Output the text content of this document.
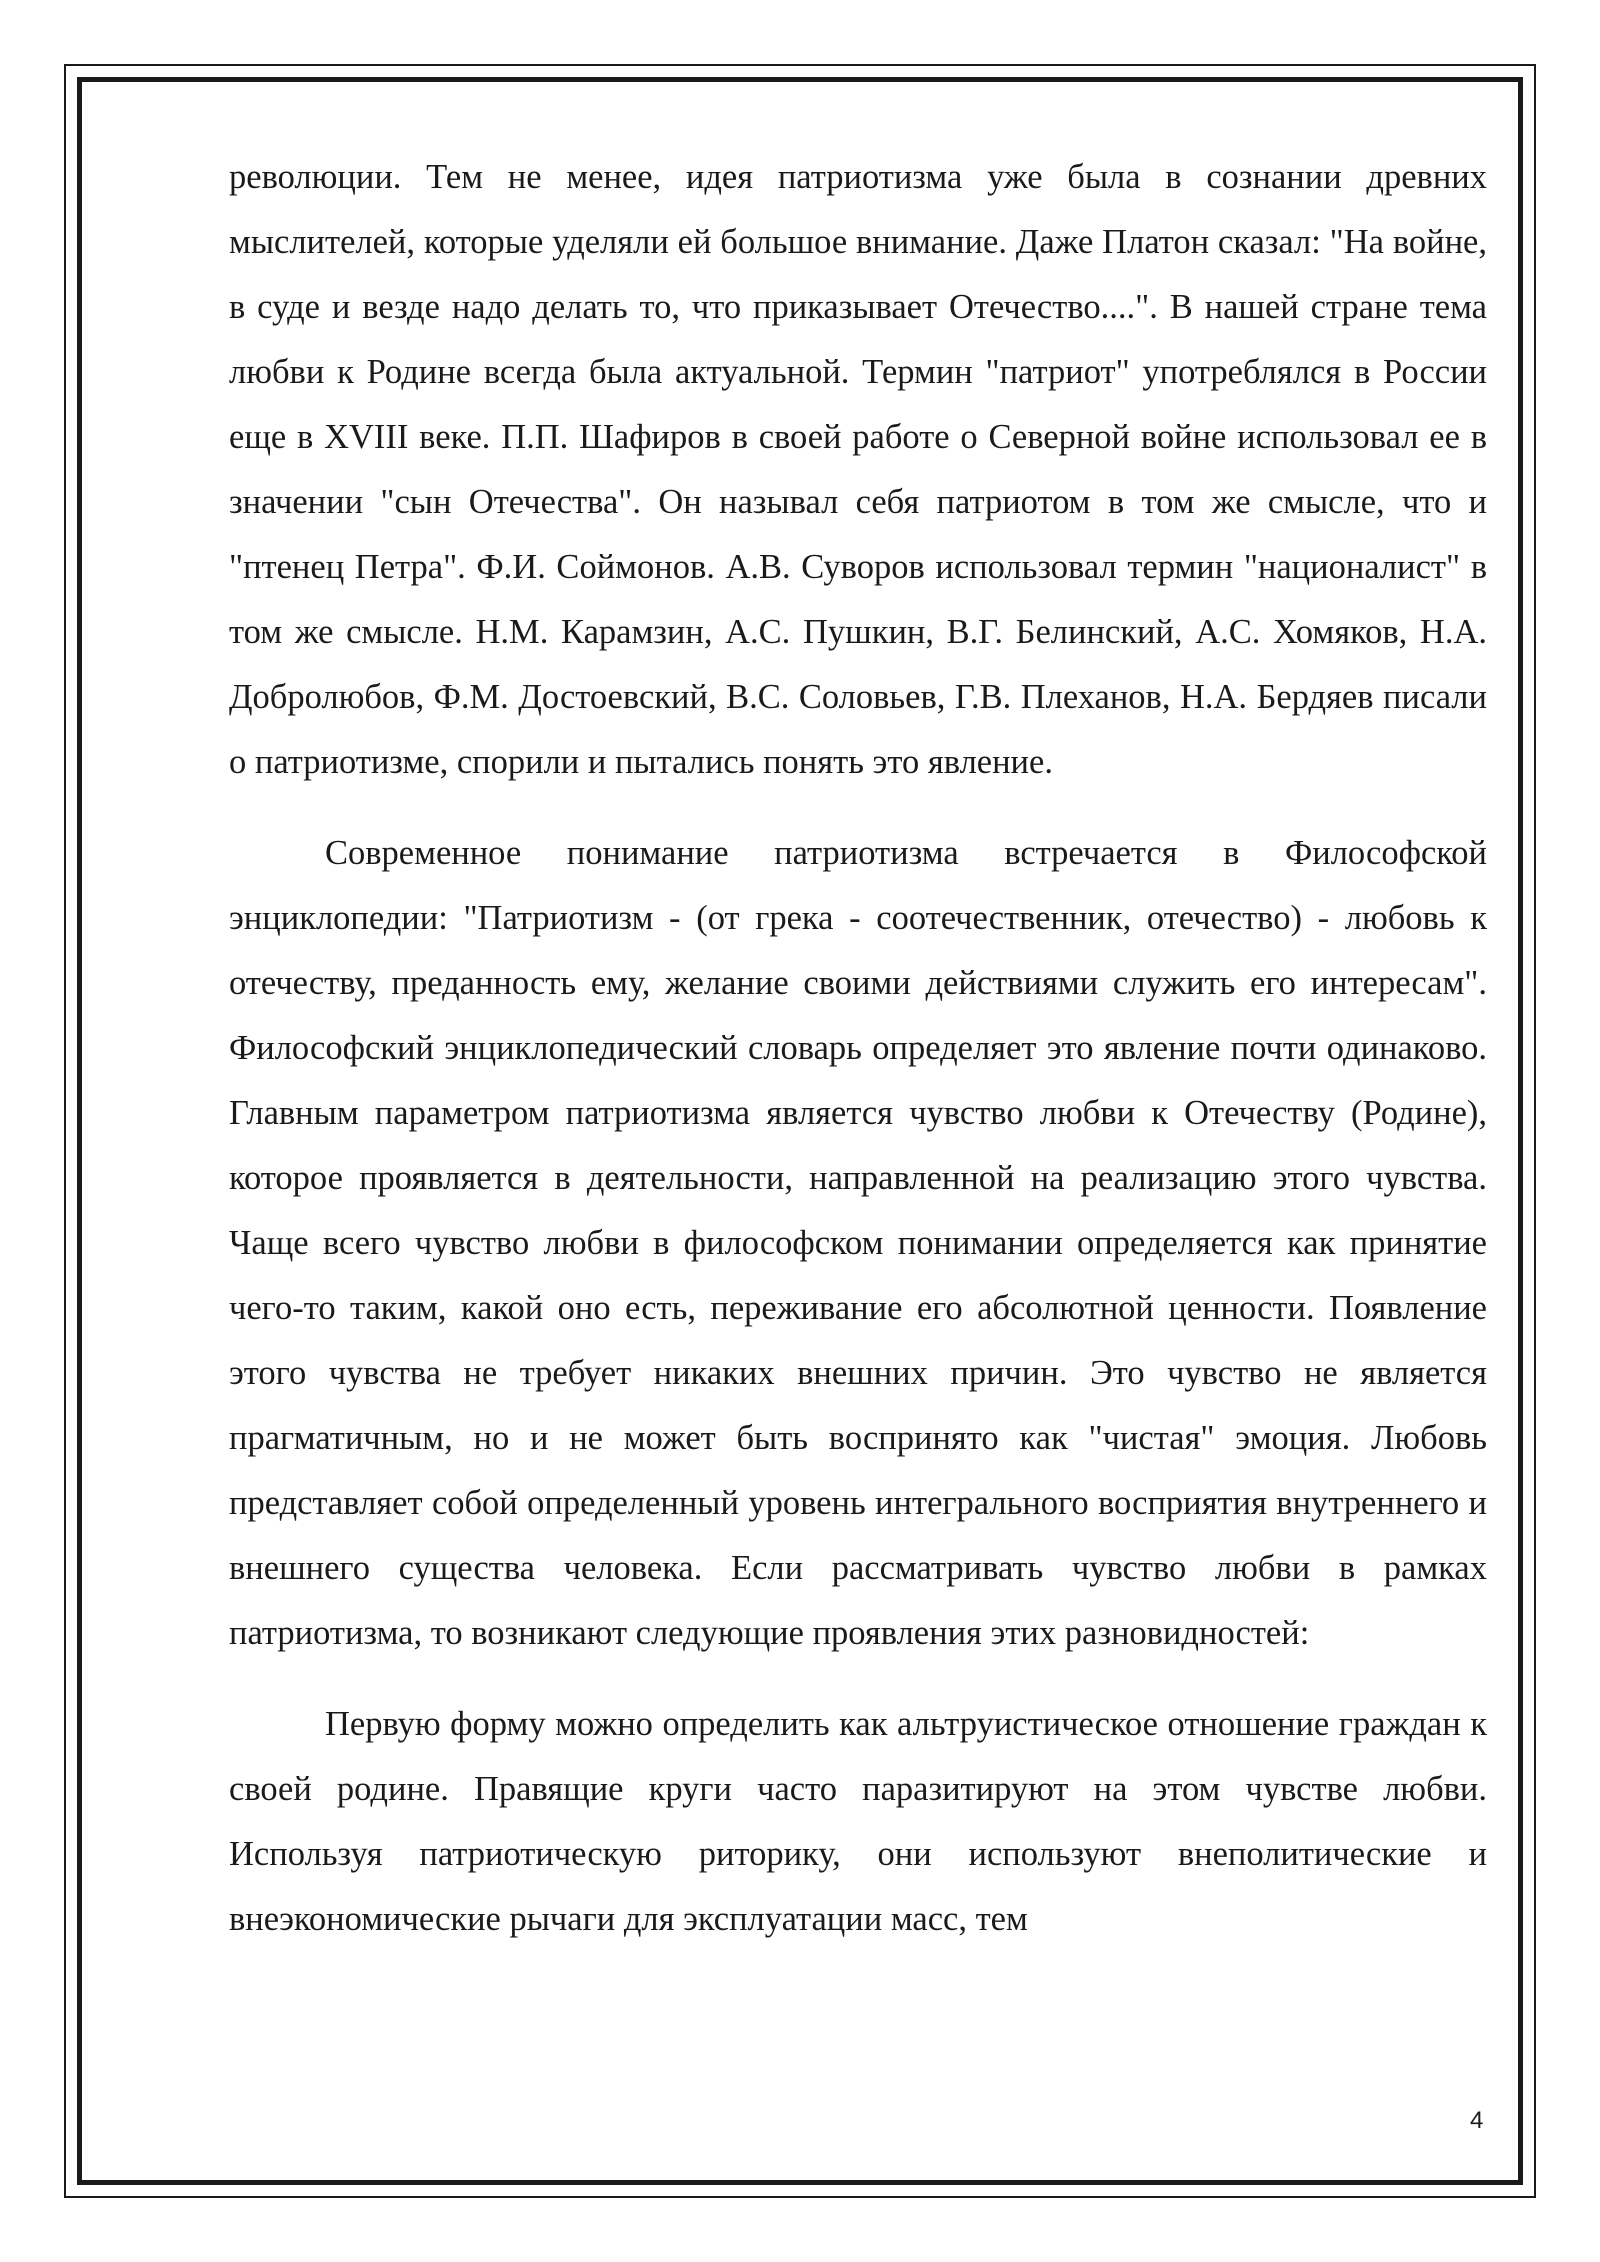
революции. Тем не менее, идея патриотизма уже была в сознании древних мыслителей, которые уделяли ей большое внимание. Даже Платон сказал: "На войне, в суде и везде надо делать то, что приказывает Отечество....". В нашей стране тема любви к Родине всегда была актуальной. Термин "патриот" употреблялся в России еще в XVIII веке. П.П. Шафиров в своей работе о Северной войне использовал ее в значении "сын Отечества". Он называл себя патриотом в том же смысле, что и "птенец Петра". Ф.И. Соймонов. А.В. Суворов использовал термин "националист" в том же смысле. Н.М. Карамзин, А.С. Пушкин, В.Г. Белинский, А.С. Хомяков, Н.А. Добролюбов, Ф.М. Достоевский, В.С. Соловьев, Г.В. Плеханов, Н.А. Бердяев писали о патриотизме, спорили и пытались понять это явление.

Современное понимание патриотизма встречается в Философской энциклопедии: "Патриотизм - (от грека - соотечественник, отечество) - любовь к отечеству, преданность ему, желание своими действиями служить его интересам". Философский энциклопедический словарь определяет это явление почти одинаково. Главным параметром патриотизма является чувство любви к Отечеству (Родине), которое проявляется в деятельности, направленной на реализацию этого чувства. Чаще всего чувство любви в философском понимании определяется как принятие чего-то таким, какой оно есть, переживание его абсолютной ценности. Появление этого чувства не требует никаких внешних причин. Это чувство не является прагматичным, но и не может быть воспринято как "чистая" эмоция. Любовь представляет собой определенный уровень интегрального восприятия внутреннего и внешнего существа человека. Если рассматривать чувство любви в рамках патриотизма, то возникают следующие проявления этих разновидностей:

Первую форму можно определить как альтруистическое отношение граждан к своей родине. Правящие круги часто паразитируют на этом чувстве любви. Используя патриотическую риторику, они используют внеполитические и внеэкономические рычаги для эксплуатации масс, тем

4
